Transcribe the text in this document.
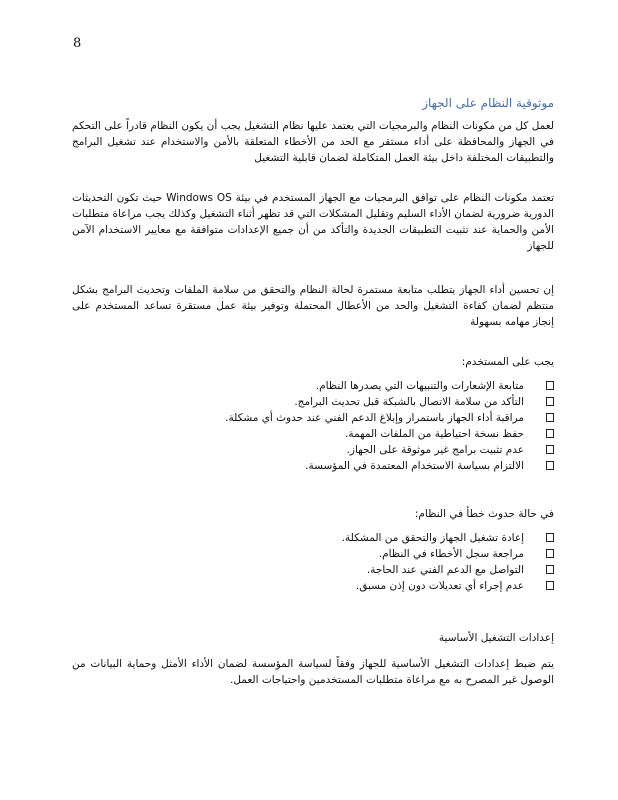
8
موثوقية النظام على الجهاز
لعمل كل من مكونات النظام والبرمجيات التي يعتمد عليها نظام التشغيل يجب أن يكون النظام قادراً على التحكم في الجهاز والمحافظة على أداء مستقر مع الحد من الأخطاء المتعلقة بالأمن والاستخدام عند تشغيل البرامج والتطبيقات المختلفة داخل بيئة العمل المتكاملة لضمان قابلية التشغيل
تعتمد مكونات النظام على توافق البرمجيات مع الجهاز المستخدم في بيئة Windows OS حيث تكون التحديثات الدورية ضرورية لضمان الأداء السليم وتقليل المشكلات التي قد تظهر أثناء التشغيل وكذلك يجب مراعاة متطلبات الأمن والحماية عند تثبيت التطبيقات الجديدة والتأكد من أن جميع الإعدادات متوافقة مع معايير الاستخدام الآمن للجهاز
إن تحسين أداء الجهاز يتطلب متابعة مستمرة لحالة النظام والتحقق من سلامة الملفات وتحديث البرامج بشكل منتظم لضمان كفاءة التشغيل والحد من الأعطال المحتملة وتوفير بيئة عمل مستقرة تساعد المستخدم على إنجاز مهامه بسهولة
يجب على المستخدم:
متابعة الإشعارات والتنبيهات التي يصدرها النظام.
التأكد من سلامة الاتصال بالشبكة قبل تحديث البرامج.
مراقبة أداء الجهاز باستمرار وإبلاغ الدعم الفني عند حدوث أي مشكلة.
حفظ نسخة احتياطية من الملفات المهمة.
عدم تثبيت برامج غير موثوقة على الجهاز.
الالتزام بسياسة الاستخدام المعتمدة في المؤسسة.
في حالة حدوث خطأ في النظام:
إعادة تشغيل الجهاز والتحقق من المشكلة.
مراجعة سجل الأخطاء في النظام.
التواصل مع الدعم الفني عند الحاجة.
عدم إجراء أي تعديلات دون إذن مسبق.
إعدادات التشغيل الأساسية
يتم ضبط إعدادات التشغيل الأساسية للجهاز وفقاً لسياسة المؤسسة لضمان الأداء الأمثل وحماية البيانات من الوصول غير المصرح به مع مراعاة متطلبات المستخدمين واحتياجات العمل.
